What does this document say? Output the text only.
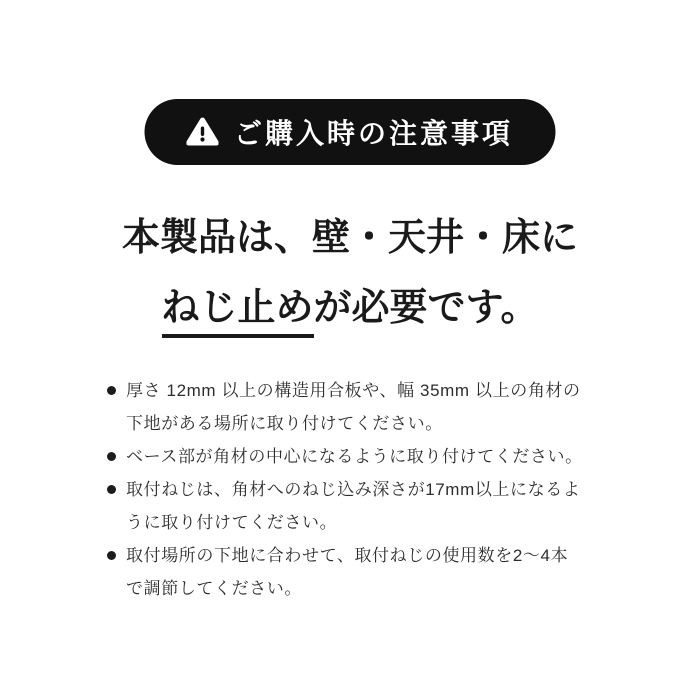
ご購入時の注意事項
本製品は、壁・天井・床に
ねじ止めが必要です。
厚さ 12mm 以上の構造用合板や、幅 35mm 以上の角材の下地がある場所に取り付けてください。
ベース部が角材の中心になるように取り付けてください。
取付ねじは、角材へのねじ込み深さが17mm以上になるように取り付けてください。
取付場所の下地に合わせて、取付ねじの使用数を2〜4本で調節してください。
